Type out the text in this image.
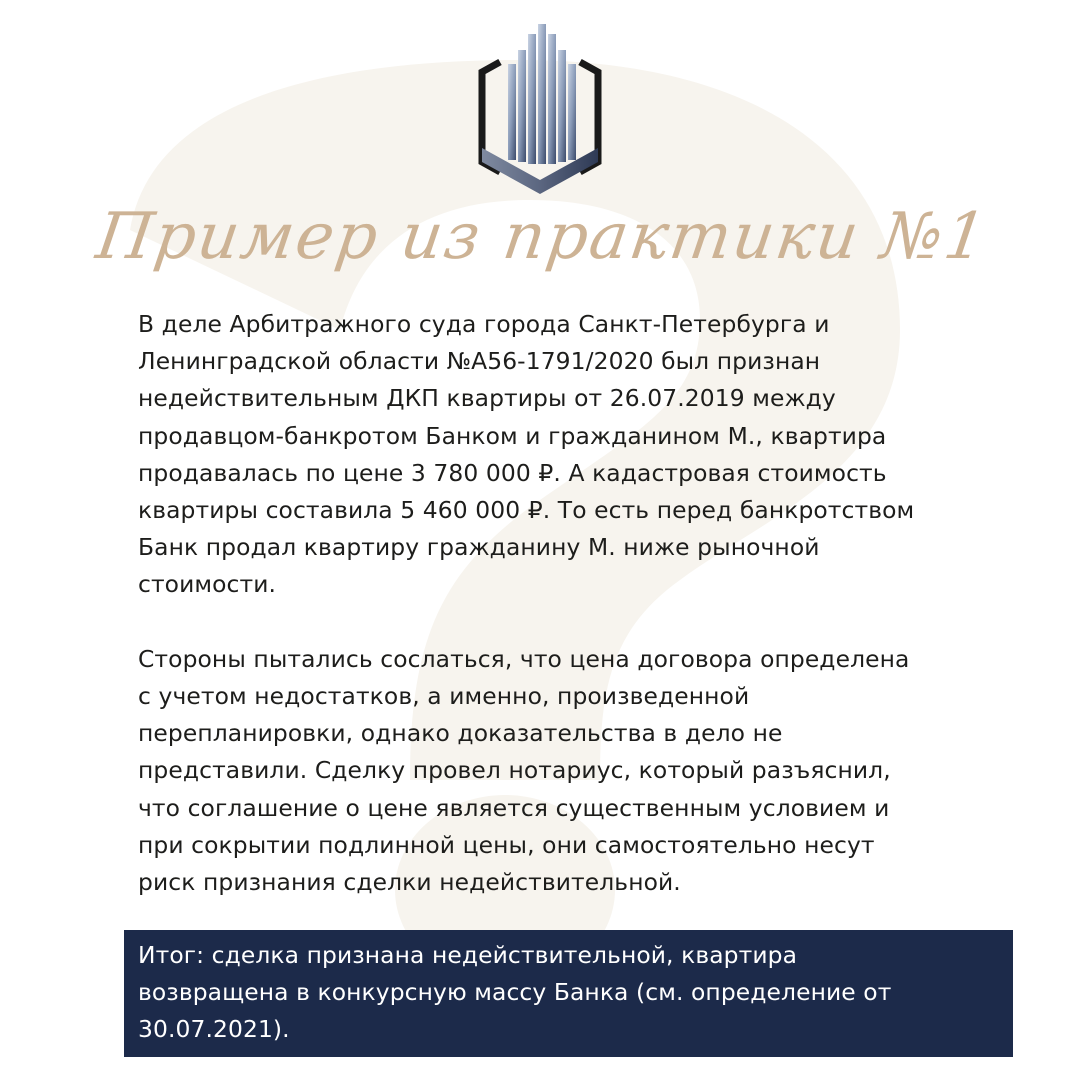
Пример из практики №1

В деле Арбитражного суда города Санкт-Петербурга и
Ленинградской области №А56-1791/2020 был признан
недействительным ДКП квартиры от 26.07.2019 между
продавцом-банкротом Банком и гражданином М., квартира
продавалась по цене 3 780 000 ₽. А кадастровая стоимость
квартиры составила 5 460 000 ₽. То есть перед банкротством
Банк продал квартиру гражданину М. ниже рыночной
стоимости.

Стороны пытались сослаться, что цена договора определена
с учетом недостатков, а именно, произведенной
перепланировки, однако доказательства в дело не
представили. Сделку провел нотариус, который разъяснил,
что соглашение о цене является существенным условием и
при сокрытии подлинной цены, они самостоятельно несут
риск признания сделки недействительной.

Итог: сделка признана недействительной, квартира
возвращена в конкурсную массу Банка (см. определение от
30.07.2021).
